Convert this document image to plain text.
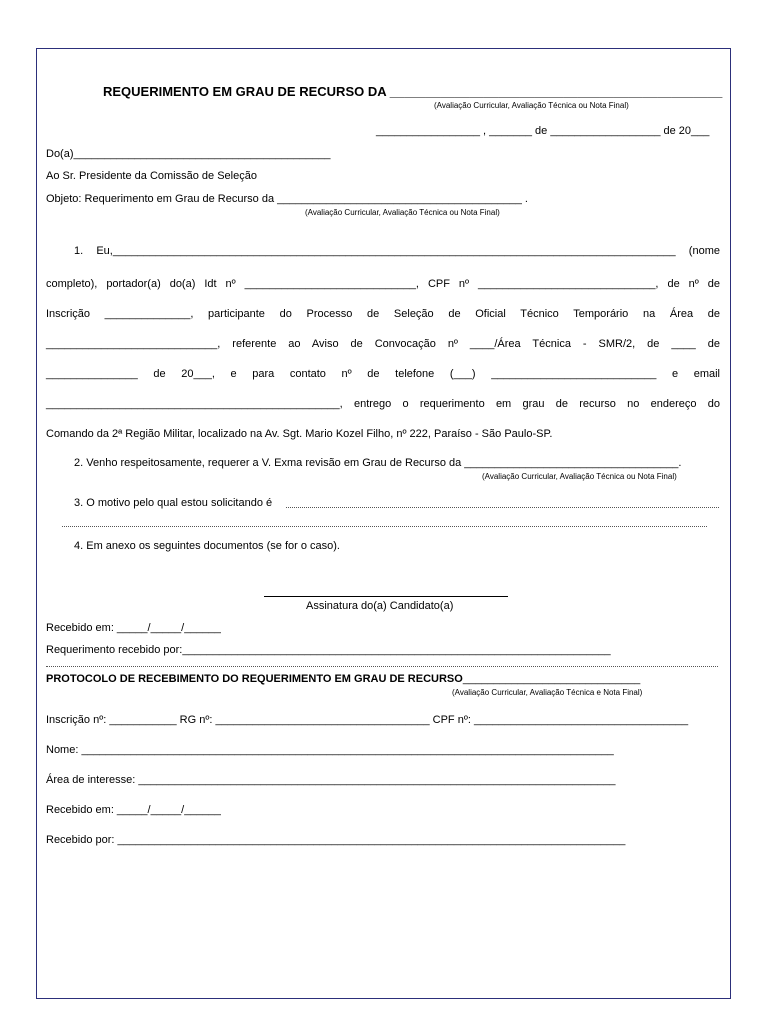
REQUERIMENTO EM GRAU DE RECURSO DA ______________________________________________
(Avaliação Curricular, Avaliação Técnica ou Nota Final)
_________________ , _______ de __________________ de 20___
Do(a)__________________________________________
Ao Sr. Presidente da Comissão de Seleção
Objeto: Requerimento em Grau de Recurso da ________________________________________ .
(Avaliação Curricular, Avaliação Técnica ou Nota Final)
1. Eu,____________________________________________________________________________________________ (nome
completo), portador(a) do(a) Idt nº ____________________________, CPF nº _____________________________, de nº de
Inscrição ______________, participante do Processo de Seleção de Oficial Técnico Temporário na Área de
____________________________, referente ao Aviso de Convocação nº ____/Área Técnica - SMR/2, de ____ de
_______________ de 20___, e para contato nº de telefone (___) ___________________________ e email
________________________________________________, entrego o requerimento em grau de recurso no endereço do
Comando da 2ª Região Militar, localizado na Av. Sgt. Mario Kozel Filho, nº 222, Paraíso - São Paulo-SP.
2. Venho respeitosamente, requerer a V. Exma revisão em Grau de Recurso da ___________________________________.
(Avaliação Curricular, Avaliação Técnica ou Nota Final)
3. O motivo pelo qual estou solicitando é
4. Em anexo os seguintes documentos (se for o caso).
Assinatura do(a) Candidato(a)
Recebido em: _____/_____/______
Requerimento recebido por:______________________________________________________________________
PROTOCOLO DE RECEBIMENTO DO REQUERIMENTO EM GRAU DE RECURSO_____________________________
(Avaliação Curricular, Avaliação Técnica e Nota Final)
Inscrição nº: ___________ RG nº: ___________________________________ CPF nº: ___________________________________
Nome: _______________________________________________________________________________________
Área de interesse: ______________________________________________________________________________
Recebido em: _____/_____/______
Recebido por: ___________________________________________________________________________________
